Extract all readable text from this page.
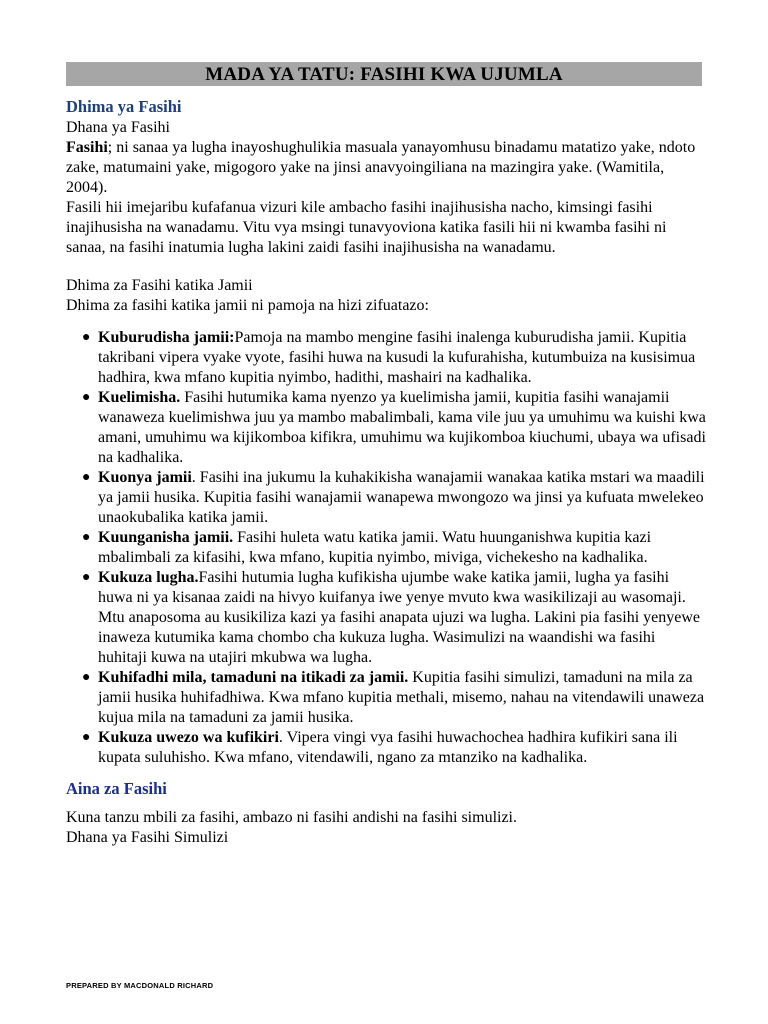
MADA YA TATU: FASIHI KWA UJUMLA
Dhima ya Fasihi

Dhana ya Fasihi

Fasihi; ni sanaa ya lugha inayoshughulikia masuala yanayomhusu binadamu matatizo yake, ndoto zake, matumaini yake, migogoro yake na jinsi anavyoingiliana na mazingira yake. (Wamitila, 2004).

Fasili hii imejaribu kufafanua vizuri kile ambacho fasihi inajihusisha nacho, kimsingi fasihi inajihusisha na wanadamu. Vitu vya msingi tunavyoviona katika fasili hii ni kwamba fasihi ni sanaa, na fasihi inatumia lugha lakini zaidi fasihi inajihusisha na wanadamu.

Dhima za Fasihi katika Jamii

Dhima za fasihi katika jamii ni pamoja na hizi zifuatazo:

● Kuburudisha jamii:Pamoja na mambo mengine fasihi inalenga kuburudisha jamii. Kupitia takribani vipera vyake vyote, fasihi huwa na kusudi la kufurahisha, kutumbuiza na kusisimua hadhira, kwa mfano kupitia nyimbo, hadithi, mashairi na kadhalika.
● Kuelimisha. Fasihi hutumika kama nyenzo ya kuelimisha jamii, kupitia fasihi wanajamii wanaweza kuelimishwa juu ya mambo mabalimbali, kama vile juu ya umuhimu wa kuishi kwa amani, umuhimu wa kijikomboa kifikra, umuhimu wa kujikomboa kiuchumi, ubaya wa ufisadi na kadhalika.
● Kuonya jamii. Fasihi ina jukumu la kuhakikisha wanajamii wanakaa katika mstari wa maadili ya jamii husika. Kupitia fasihi wanajamii wanapewa mwongozo wa jinsi ya kufuata mwelekeo unaokubalika katika jamii.
● Kuunganisha jamii. Fasihi huleta watu katika jamii. Watu huunganishwa kupitia kazi mbalimbali za kifasihi, kwa mfano, kupitia nyimbo, miviga, vichekesho na kadhalika.
● Kukuza lugha.Fasihi hutumia lugha kufikisha ujumbe wake katika jamii, lugha ya fasihi huwa ni ya kisanaa zaidi na hivyo kuifanya iwe yenye mvuto kwa wasikilizaji au wasomaji. Mtu anaposoma au kusikiliza kazi ya fasihi anapata ujuzi wa lugha. Lakini pia fasihi yenyewe inaweza kutumika kama chombo cha kukuza lugha. Wasimulizi na waandishi wa fasihi huhitaji kuwa na utajiri mkubwa wa lugha.
● Kuhifadhi mila, tamaduni na itikadi za jamii. Kupitia fasihi simulizi, tamaduni na mila za jamii husika huhifadhiwa. Kwa mfano kupitia methali, misemo, nahau na vitendawili unaweza kujua mila na tamaduni za jamii husika.
● Kukuza uwezo wa kufikiri. Vipera vingi vya fasihi huwachochea hadhira kufikiri sana ili kupata suluhisho. Kwa mfano, vitendawili, ngano za mtanziko na kadhalika.
Aina za Fasihi

Kuna tanzu mbili za fasihi, ambazo ni fasihi andishi na fasihi simulizi.

Dhana ya Fasihi Simulizi

PREPARED BY MACDONALD RICHARD
